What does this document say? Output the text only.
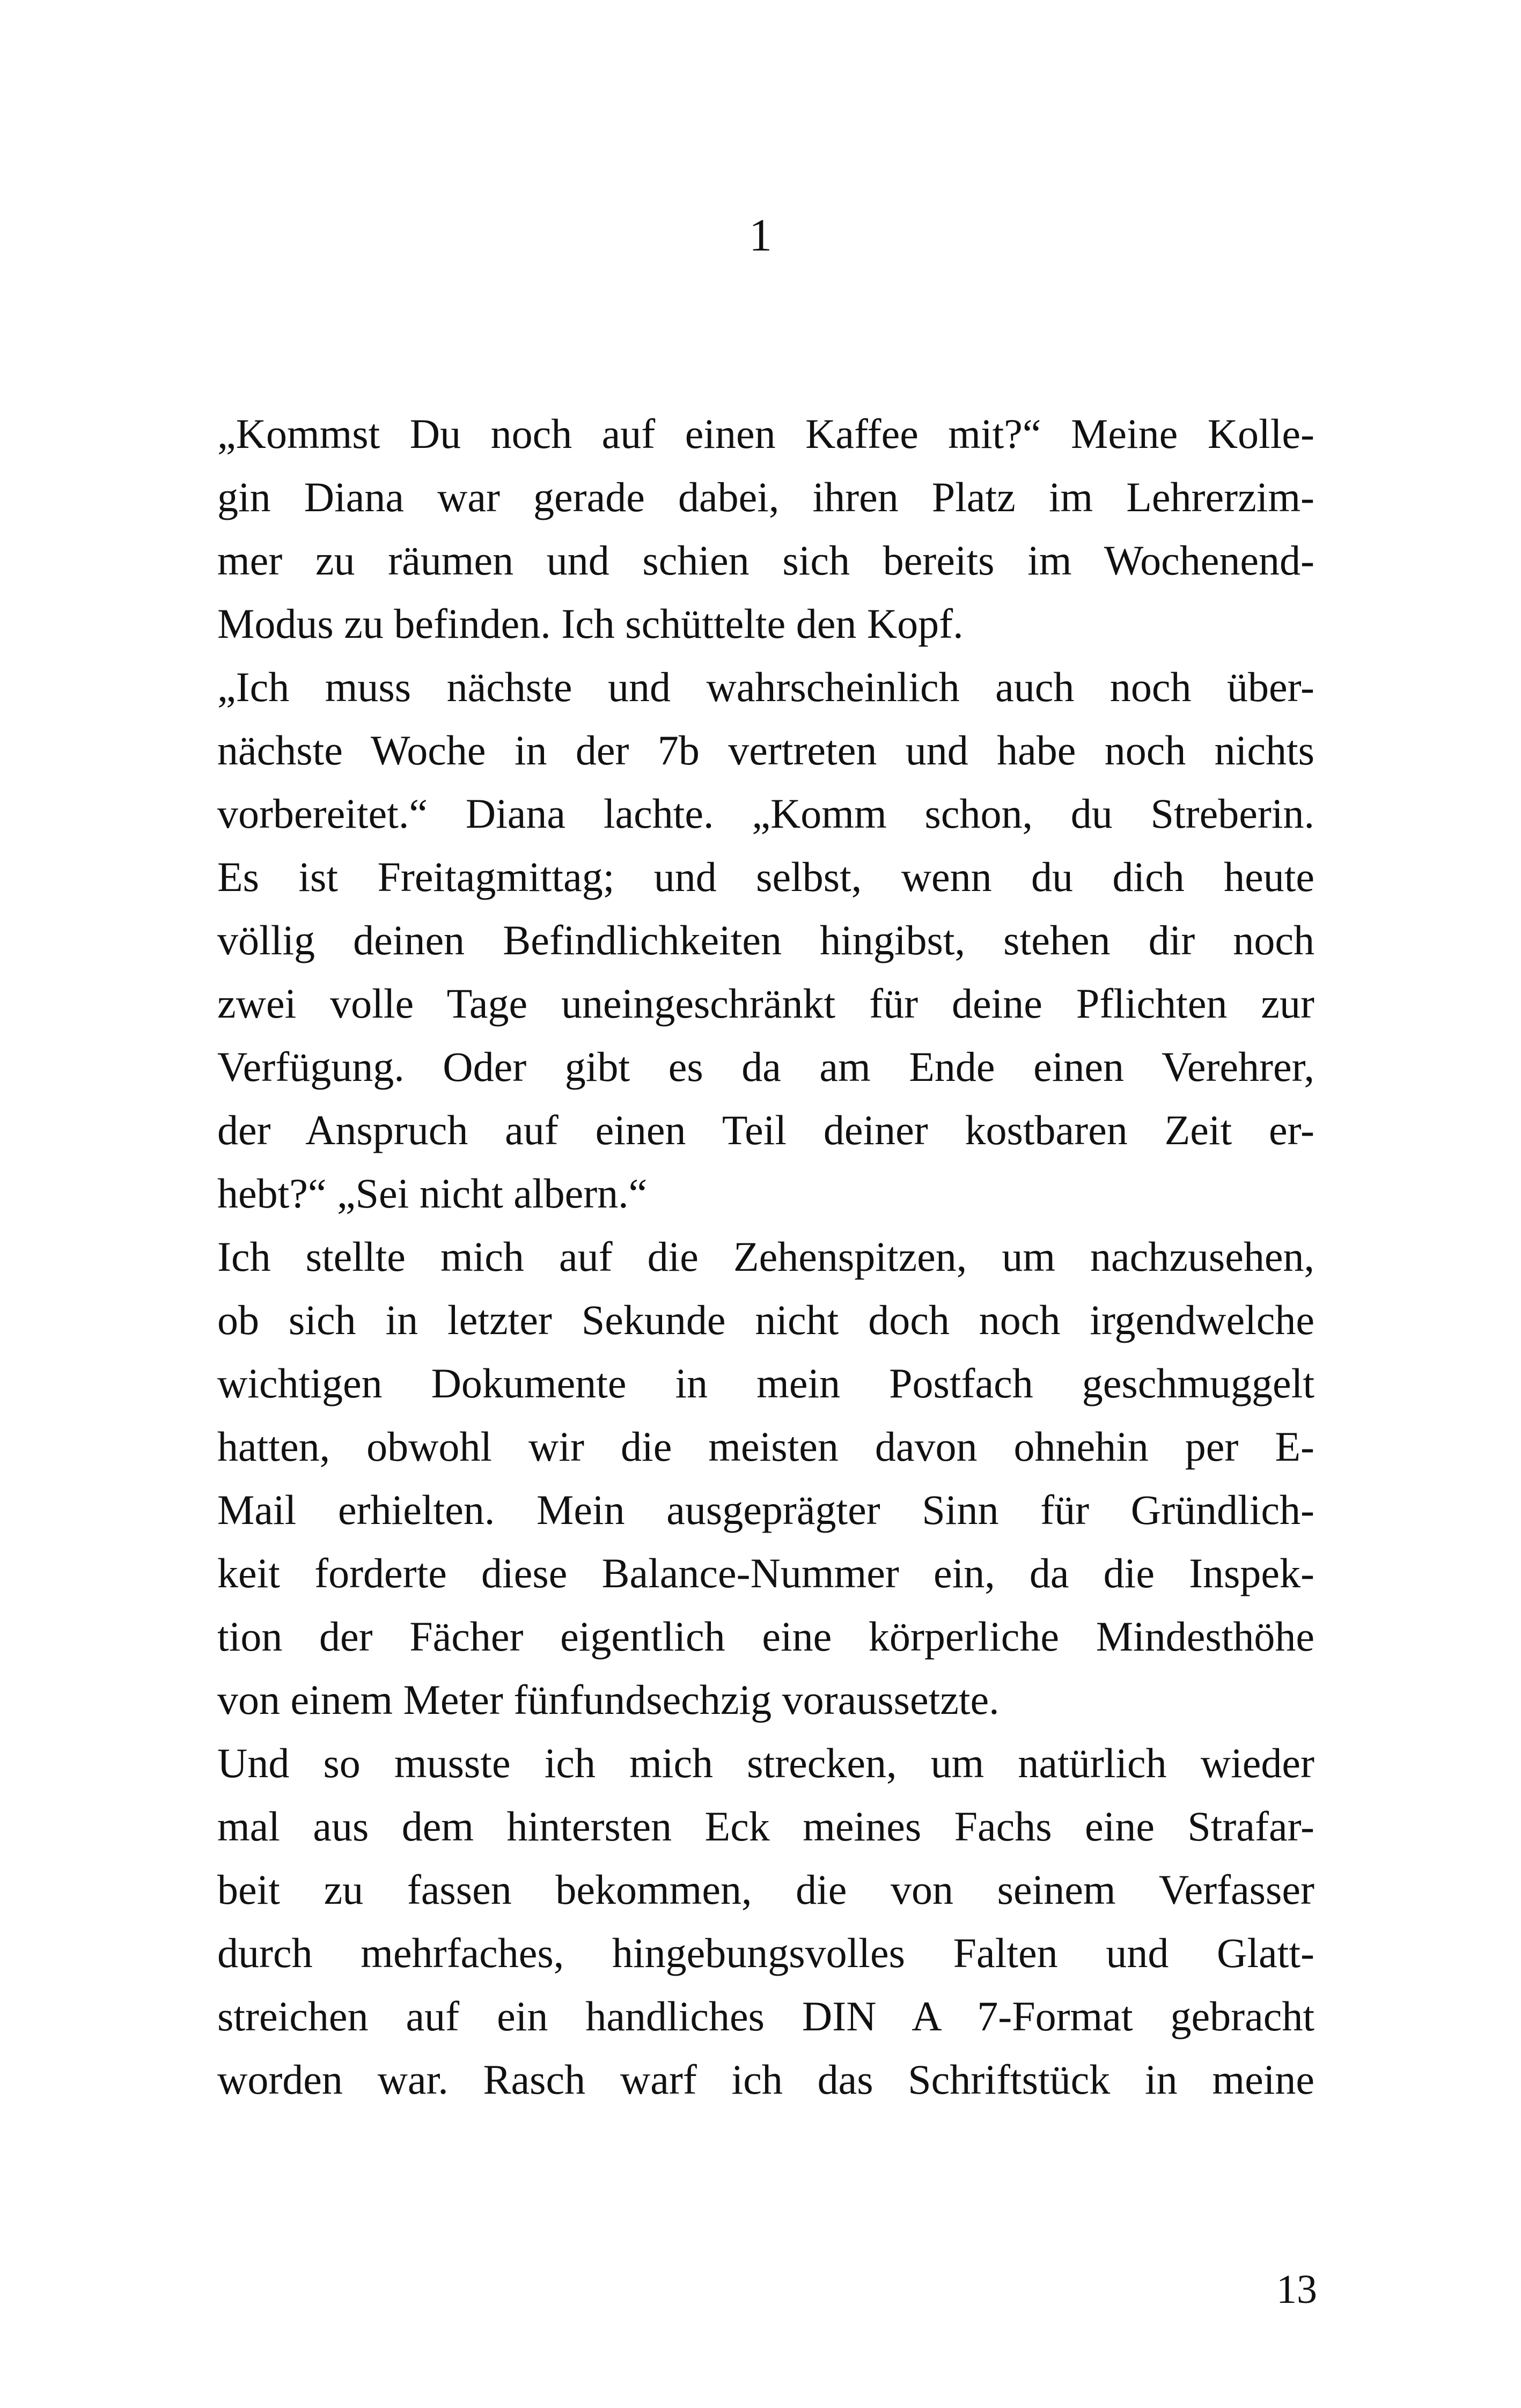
1
„Kommst Du noch auf einen Kaffee mit?“ Meine Kolle-
gin Diana war gerade dabei, ihren Platz im Lehrerzim-
mer zu räumen und schien sich bereits im Wochenend-
Modus zu befinden. Ich schüttelte den Kopf.
„Ich muss nächste und wahrscheinlich auch noch über-
nächste Woche in der 7b vertreten und habe noch nichts
vorbereitet.“ Diana lachte. „Komm schon, du Streberin.
Es ist Freitagmittag; und selbst, wenn du dich heute
völlig deinen Befindlichkeiten hingibst, stehen dir noch
zwei volle Tage uneingeschränkt für deine Pflichten zur
Verfügung. Oder gibt es da am Ende einen Verehrer,
der Anspruch auf einen Teil deiner kostbaren Zeit er-
hebt?“ „Sei nicht albern.“
Ich stellte mich auf die Zehenspitzen, um nachzusehen,
ob sich in letzter Sekunde nicht doch noch irgendwelche
wichtigen Dokumente in mein Postfach geschmuggelt
hatten, obwohl wir die meisten davon ohnehin per E-
Mail erhielten. Mein ausgeprägter Sinn für Gründlich-
keit forderte diese Balance-Nummer ein, da die Inspek-
tion der Fächer eigentlich eine körperliche Mindesthöhe
von einem Meter fünfundsechzig voraussetzte.
Und so musste ich mich strecken, um natürlich wieder
mal aus dem hintersten Eck meines Fachs eine Strafar-
beit zu fassen bekommen, die von seinem Verfasser
durch mehrfaches, hingebungsvolles Falten und Glatt-
streichen auf ein handliches DIN A 7-Format gebracht
worden war. Rasch warf ich das Schriftstück in meine
13
